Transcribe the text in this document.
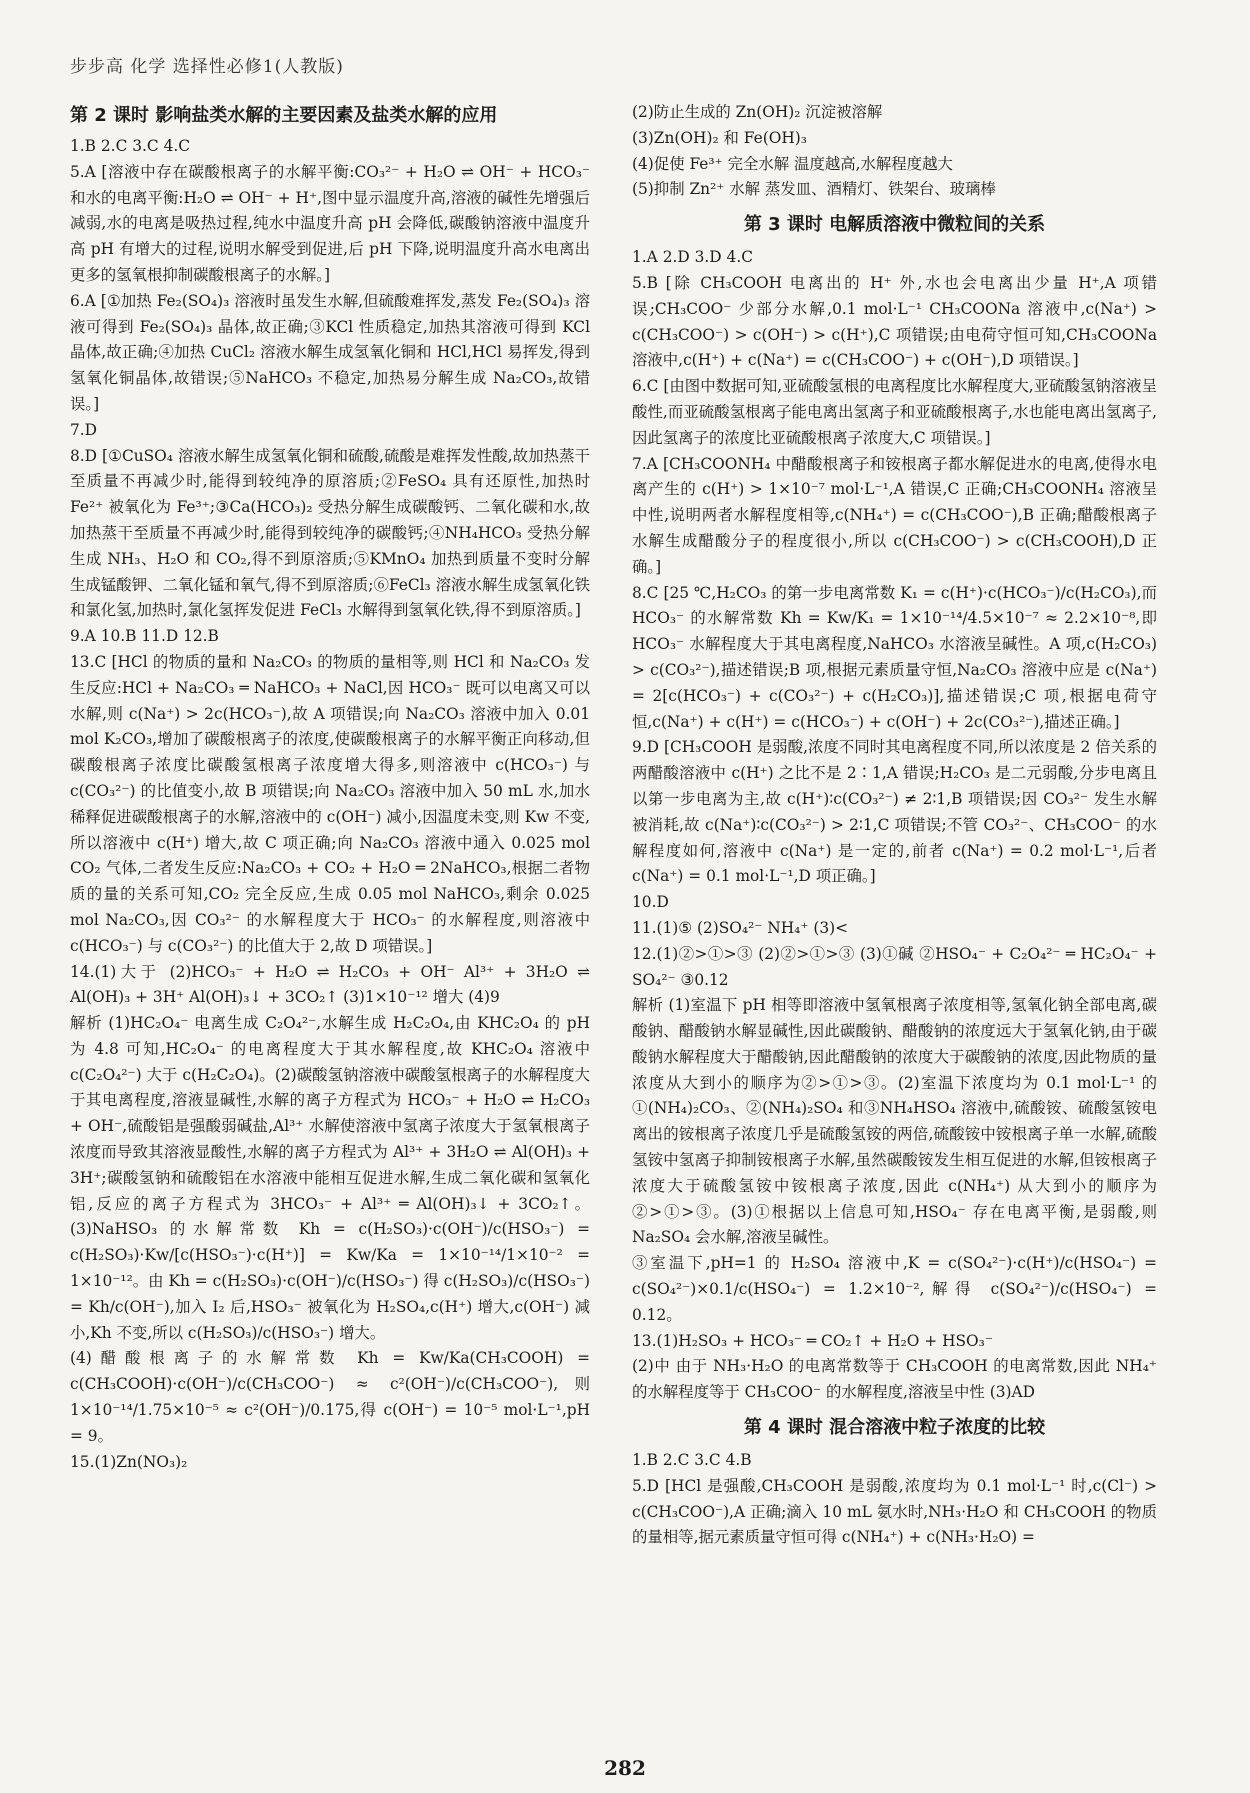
步步高 化学 选择性必修1(人教版)
第 2 课时 影响盐类水解的主要因素及盐类水解的应用

1.B 2.C 3.C 4.C

5.A [溶液中存在碳酸根离子的水解平衡:CO₃²⁻ + H₂O ⇌ OH⁻ + HCO₃⁻ 和水的电离平衡:H₂O ⇌ OH⁻ + H⁺,图中显示温度升高,溶液的碱性先增强后减弱,水的电离是吸热过程,纯水中温度升高 pH 会降低,碳酸钠溶液中温度升高 pH 有增大的过程,说明水解受到促进,后 pH 下降,说明温度升高水电离出更多的氢氧根抑制碳酸根离子的水解。]

6.A [①加热 Fe₂(SO₄)₃ 溶液时虽发生水解,但硫酸难挥发,蒸发 Fe₂(SO₄)₃ 溶液可得到 Fe₂(SO₄)₃ 晶体,故正确;③KCl 性质稳定,加热其溶液可得到 KCl 晶体,故正确;④加热 CuCl₂ 溶液水解生成氢氧化铜和 HCl,HCl 易挥发,得到氢氧化铜晶体,故错误;⑤NaHCO₃ 不稳定,加热易分解生成 Na₂CO₃,故错误。]

7.D

8.D [①CuSO₄ 溶液水解生成氢氧化铜和硫酸,硫酸是难挥发性酸,故加热蒸干至质量不再减少时,能得到较纯净的原溶质;②FeSO₄ 具有还原性,加热时 Fe²⁺ 被氧化为 Fe³⁺;③Ca(HCO₃)₂ 受热分解生成碳酸钙、二氧化碳和水,故加热蒸干至质量不再减少时,能得到较纯净的碳酸钙;④NH₄HCO₃ 受热分解生成 NH₃、H₂O 和 CO₂,得不到原溶质;⑤KMnO₄ 加热到质量不变时分解生成锰酸钾、二氧化锰和氧气,得不到原溶质;⑥FeCl₃ 溶液水解生成氢氧化铁和氯化氢,加热时,氯化氢挥发促进 FeCl₃ 水解得到氢氧化铁,得不到原溶质。]

9.A 10.B 11.D 12.B

13.C [HCl 的物质的量和 Na₂CO₃ 的物质的量相等,则 HCl 和 Na₂CO₃ 发生反应:HCl + Na₂CO₃ ═ NaHCO₃ + NaCl,因 HCO₃⁻ 既可以电离又可以水解,则 c(Na⁺) > 2c(HCO₃⁻),故 A 项错误;向 Na₂CO₃ 溶液中加入 0.01 mol K₂CO₃,增加了碳酸根离子的浓度,使碳酸根离子的水解平衡正向移动,但碳酸根离子浓度比碳酸氢根离子浓度增大得多,则溶液中 c(HCO₃⁻) 与 c(CO₃²⁻) 的比值变小,故 B 项错误;向 Na₂CO₃ 溶液中加入 50 mL 水,加水稀释促进碳酸根离子的水解,溶液中的 c(OH⁻) 减小,因温度未变,则 Kw 不变,所以溶液中 c(H⁺) 增大,故 C 项正确;向 Na₂CO₃ 溶液中通入 0.025 mol CO₂ 气体,二者发生反应:Na₂CO₃ + CO₂ + H₂O ═ 2NaHCO₃,根据二者物质的量的关系可知,CO₂ 完全反应,生成 0.05 mol NaHCO₃,剩余 0.025 mol Na₂CO₃,因 CO₃²⁻ 的水解程度大于 HCO₃⁻ 的水解程度,则溶液中 c(HCO₃⁻) 与 c(CO₃²⁻) 的比值大于 2,故 D 项错误。]

14.(1)大于 (2)HCO₃⁻ + H₂O ⇌ H₂CO₃ + OH⁻ Al³⁺ + 3H₂O ⇌ Al(OH)₃ + 3H⁺ Al(OH)₃↓ + 3CO₂↑ (3)1×10⁻¹² 增大 (4)9

解析 (1)HC₂O₄⁻ 电离生成 C₂O₄²⁻,水解生成 H₂C₂O₄,由 KHC₂O₄ 的 pH 为 4.8 可知,HC₂O₄⁻ 的电离程度大于其水解程度,故 KHC₂O₄ 溶液中 c(C₂O₄²⁻) 大于 c(H₂C₂O₄)。(2)碳酸氢钠溶液中碳酸氢根离子的水解程度大于其电离程度,溶液显碱性,水解的离子方程式为 HCO₃⁻ + H₂O ⇌ H₂CO₃ + OH⁻,硫酸铝是强酸弱碱盐,Al³⁺ 水解使溶液中氢离子浓度大于氢氧根离子浓度而导致其溶液显酸性,水解的离子方程式为 Al³⁺ + 3H₂O ⇌ Al(OH)₃ + 3H⁺;碳酸氢钠和硫酸铝在水溶液中能相互促进水解,生成二氧化碳和氢氧化铝,反应的离子方程式为 3HCO₃⁻ + Al³⁺ ═ Al(OH)₃↓ + 3CO₂↑。(3)NaHSO₃ 的水解常数 Kh = c(H₂SO₃)·c(OH⁻)/c(HSO₃⁻) = c(H₂SO₃)·Kw/[c(HSO₃⁻)·c(H⁺)] = Kw/Ka = 1×10⁻¹⁴/1×10⁻² = 1×10⁻¹²。由 Kh = c(H₂SO₃)·c(OH⁻)/c(HSO₃⁻) 得 c(H₂SO₃)/c(HSO₃⁻) = Kh/c(OH⁻),加入 I₂ 后,HSO₃⁻ 被氧化为 H₂SO₄,c(H⁺) 增大,c(OH⁻) 减小,Kh 不变,所以 c(H₂SO₃)/c(HSO₃⁻) 增大。

(4)醋酸根离子的水解常数 Kh = Kw/Ka(CH₃COOH) = c(CH₃COOH)·c(OH⁻)/c(CH₃COO⁻) ≈ c²(OH⁻)/c(CH₃COO⁻),则 1×10⁻¹⁴/1.75×10⁻⁵ ≈ c²(OH⁻)/0.175,得 c(OH⁻) = 10⁻⁵ mol·L⁻¹,pH = 9。

15.(1)Zn(NO₃)₂

(2)防止生成的 Zn(OH)₂ 沉淀被溶解

(3)Zn(OH)₂ 和 Fe(OH)₃

(4)促使 Fe³⁺ 完全水解 温度越高,水解程度越大

(5)抑制 Zn²⁺ 水解 蒸发皿、酒精灯、铁架台、玻璃棒

第 3 课时 电解质溶液中微粒间的关系

1.A 2.D 3.D 4.C

5.B [除 CH₃COOH 电离出的 H⁺ 外,水也会电离出少量 H⁺,A 项错误;CH₃COO⁻ 少部分水解,0.1 mol·L⁻¹ CH₃COONa 溶液中,c(Na⁺) > c(CH₃COO⁻) > c(OH⁻) > c(H⁺),C 项错误;由电荷守恒可知,CH₃COONa 溶液中,c(H⁺) + c(Na⁺) = c(CH₃COO⁻) + c(OH⁻),D 项错误。]

6.C [由图中数据可知,亚硫酸氢根的电离程度比水解程度大,亚硫酸氢钠溶液呈酸性,而亚硫酸氢根离子能电离出氢离子和亚硫酸根离子,水也能电离出氢离子,因此氢离子的浓度比亚硫酸根离子浓度大,C 项错误。]

7.A [CH₃COONH₄ 中醋酸根离子和铵根离子都水解促进水的电离,使得水电离产生的 c(H⁺) > 1×10⁻⁷ mol·L⁻¹,A 错误,C 正确;CH₃COONH₄ 溶液呈中性,说明两者水解程度相等,c(NH₄⁺) = c(CH₃COO⁻),B 正确;醋酸根离子水解生成醋酸分子的程度很小,所以 c(CH₃COO⁻) > c(CH₃COOH),D 正确。]

8.C [25 ℃,H₂CO₃ 的第一步电离常数 K₁ = c(H⁺)·c(HCO₃⁻)/c(H₂CO₃),而 HCO₃⁻ 的水解常数 Kh = Kw/K₁ = 1×10⁻¹⁴/4.5×10⁻⁷ ≈ 2.2×10⁻⁸,即 HCO₃⁻ 水解程度大于其电离程度,NaHCO₃ 水溶液呈碱性。A 项,c(H₂CO₃) > c(CO₃²⁻),描述错误;B 项,根据元素质量守恒,Na₂CO₃ 溶液中应是 c(Na⁺) = 2[c(HCO₃⁻) + c(CO₃²⁻) + c(H₂CO₃)],描述错误;C 项,根据电荷守恒,c(Na⁺) + c(H⁺) = c(HCO₃⁻) + c(OH⁻) + 2c(CO₃²⁻),描述正确。]

9.D [CH₃COOH 是弱酸,浓度不同时其电离程度不同,所以浓度是 2 倍关系的两醋酸溶液中 c(H⁺) 之比不是 2∶1,A 错误;H₂CO₃ 是二元弱酸,分步电离且以第一步电离为主,故 c(H⁺)∶c(CO₃²⁻) ≠ 2∶1,B 项错误;因 CO₃²⁻ 发生水解被消耗,故 c(Na⁺)∶c(CO₃²⁻) > 2∶1,C 项错误;不管 CO₃²⁻、CH₃COO⁻ 的水解程度如何,溶液中 c(Na⁺) 是一定的,前者 c(Na⁺) = 0.2 mol·L⁻¹,后者 c(Na⁺) = 0.1 mol·L⁻¹,D 项正确。]

10.D

11.(1)⑤ (2)SO₄²⁻ NH₄⁺ (3)<

12.(1)②>①>③ (2)②>①>③ (3)①碱 ②HSO₄⁻ + C₂O₄²⁻ ═ HC₂O₄⁻ + SO₄²⁻ ③0.12

解析 (1)室温下 pH 相等即溶液中氢氧根离子浓度相等,氢氧化钠全部电离,碳酸钠、醋酸钠水解显碱性,因此碳酸钠、醋酸钠的浓度远大于氢氧化钠,由于碳酸钠水解程度大于醋酸钠,因此醋酸钠的浓度大于碳酸钠的浓度,因此物质的量浓度从大到小的顺序为②>①>③。(2)室温下浓度均为 0.1 mol·L⁻¹ 的①(NH₄)₂CO₃、②(NH₄)₂SO₄ 和③NH₄HSO₄ 溶液中,硫酸铵、硫酸氢铵电离出的铵根离子浓度几乎是硫酸氢铵的两倍,硫酸铵中铵根离子单一水解,硫酸氢铵中氢离子抑制铵根离子水解,虽然碳酸铵发生相互促进的水解,但铵根离子浓度大于硫酸氢铵中铵根离子浓度,因此 c(NH₄⁺) 从大到小的顺序为②>①>③。(3)①根据以上信息可知,HSO₄⁻ 存在电离平衡,是弱酸,则 Na₂SO₄ 会水解,溶液呈碱性。

③室温下,pH=1 的 H₂SO₄ 溶液中,K = c(SO₄²⁻)·c(H⁺)/c(HSO₄⁻) = c(SO₄²⁻)×0.1/c(HSO₄⁻) = 1.2×10⁻²,解得 c(SO₄²⁻)/c(HSO₄⁻) = 0.12。

13.(1)H₂SO₃ + HCO₃⁻ ═ CO₂↑ + H₂O + HSO₃⁻

(2)中 由于 NH₃·H₂O 的电离常数等于 CH₃COOH 的电离常数,因此 NH₄⁺ 的水解程度等于 CH₃COO⁻ 的水解程度,溶液呈中性 (3)AD

第 4 课时 混合溶液中粒子浓度的比较

1.B 2.C 3.C 4.B

5.D [HCl 是强酸,CH₃COOH 是弱酸,浓度均为 0.1 mol·L⁻¹ 时,c(Cl⁻) > c(CH₃COO⁻),A 正确;滴入 10 mL 氨水时,NH₃·H₂O 和 CH₃COOH 的物质的量相等,据元素质量守恒可得 c(NH₄⁺) + c(NH₃·H₂O) =

282
